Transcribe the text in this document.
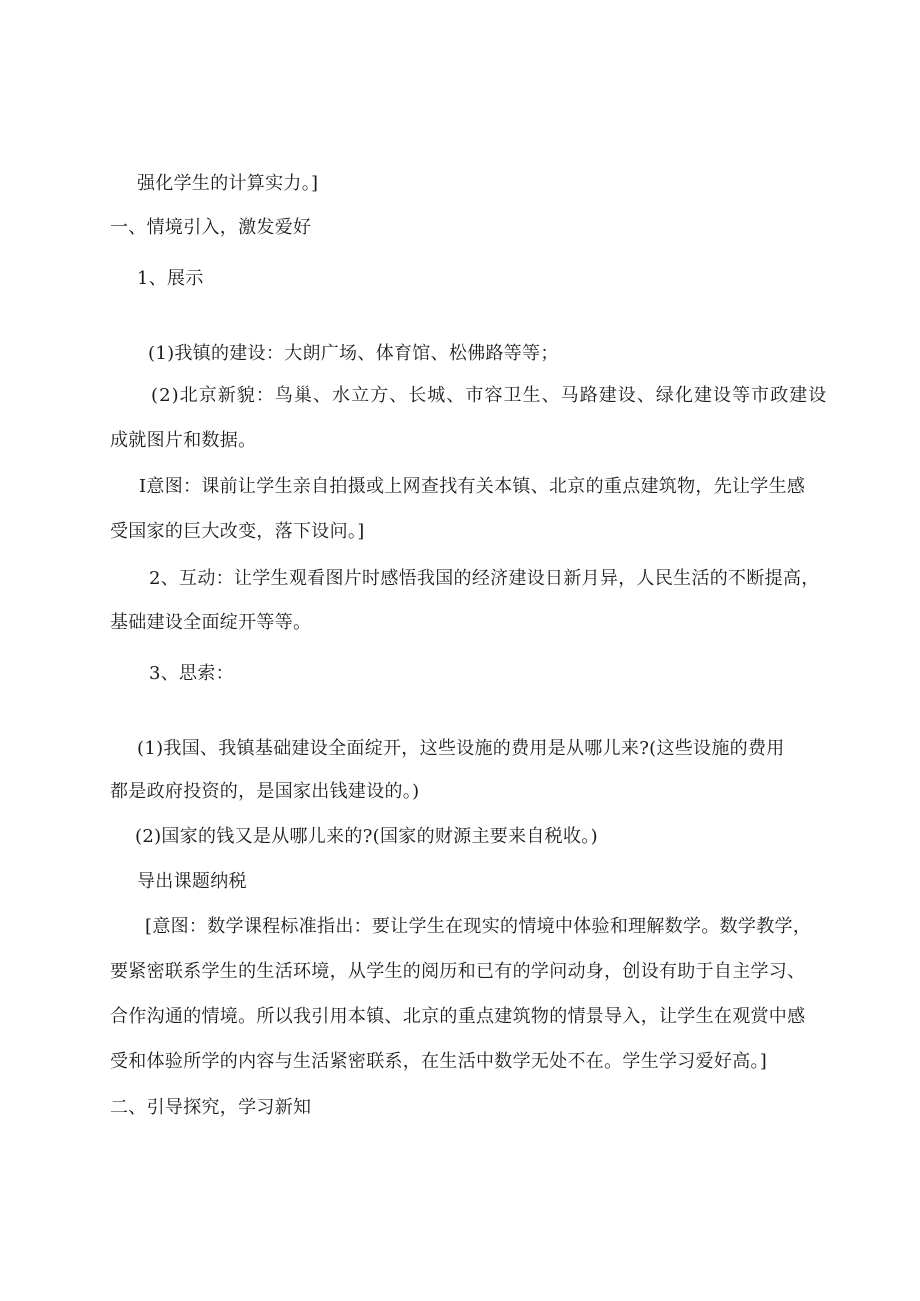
强化学生的计算实力。]
一、情境引入，激发爱好
1、展示
(1)我镇的建设：大朗广场、体育馆、松佛路等等；
(2)北京新貌：鸟巢、水立方、长城、市容卫生、马路建设、绿化建设等市政建设
成就图片和数据。
I意图：课前让学生亲自拍摄或上网查找有关本镇、北京的重点建筑物，先让学生感
受国家的巨大改变，落下设问。]
2、互动：让学生观看图片时感悟我国的经济建设日新月异，人民生活的不断提高，
基础建设全面绽开等等。
3、思索：
(1)我国、我镇基础建设全面绽开，这些设施的费用是从哪儿来?(这些设施的费用
都是政府投资的，是国家出钱建设的。)
(2)国家的钱又是从哪儿来的?(国家的财源主要来自税收。)
导出课题纳税
[意图：数学课程标准指出：要让学生在现实的情境中体验和理解数学。数学教学，
要紧密联系学生的生活环境，从学生的阅历和已有的学问动身，创设有助于自主学习、
合作沟通的情境。所以我引用本镇、北京的重点建筑物的情景导入，让学生在观赏中感
受和体验所学的内容与生活紧密联系，在生活中数学无处不在。学生学习爱好高。]
二、引导探究，学习新知
